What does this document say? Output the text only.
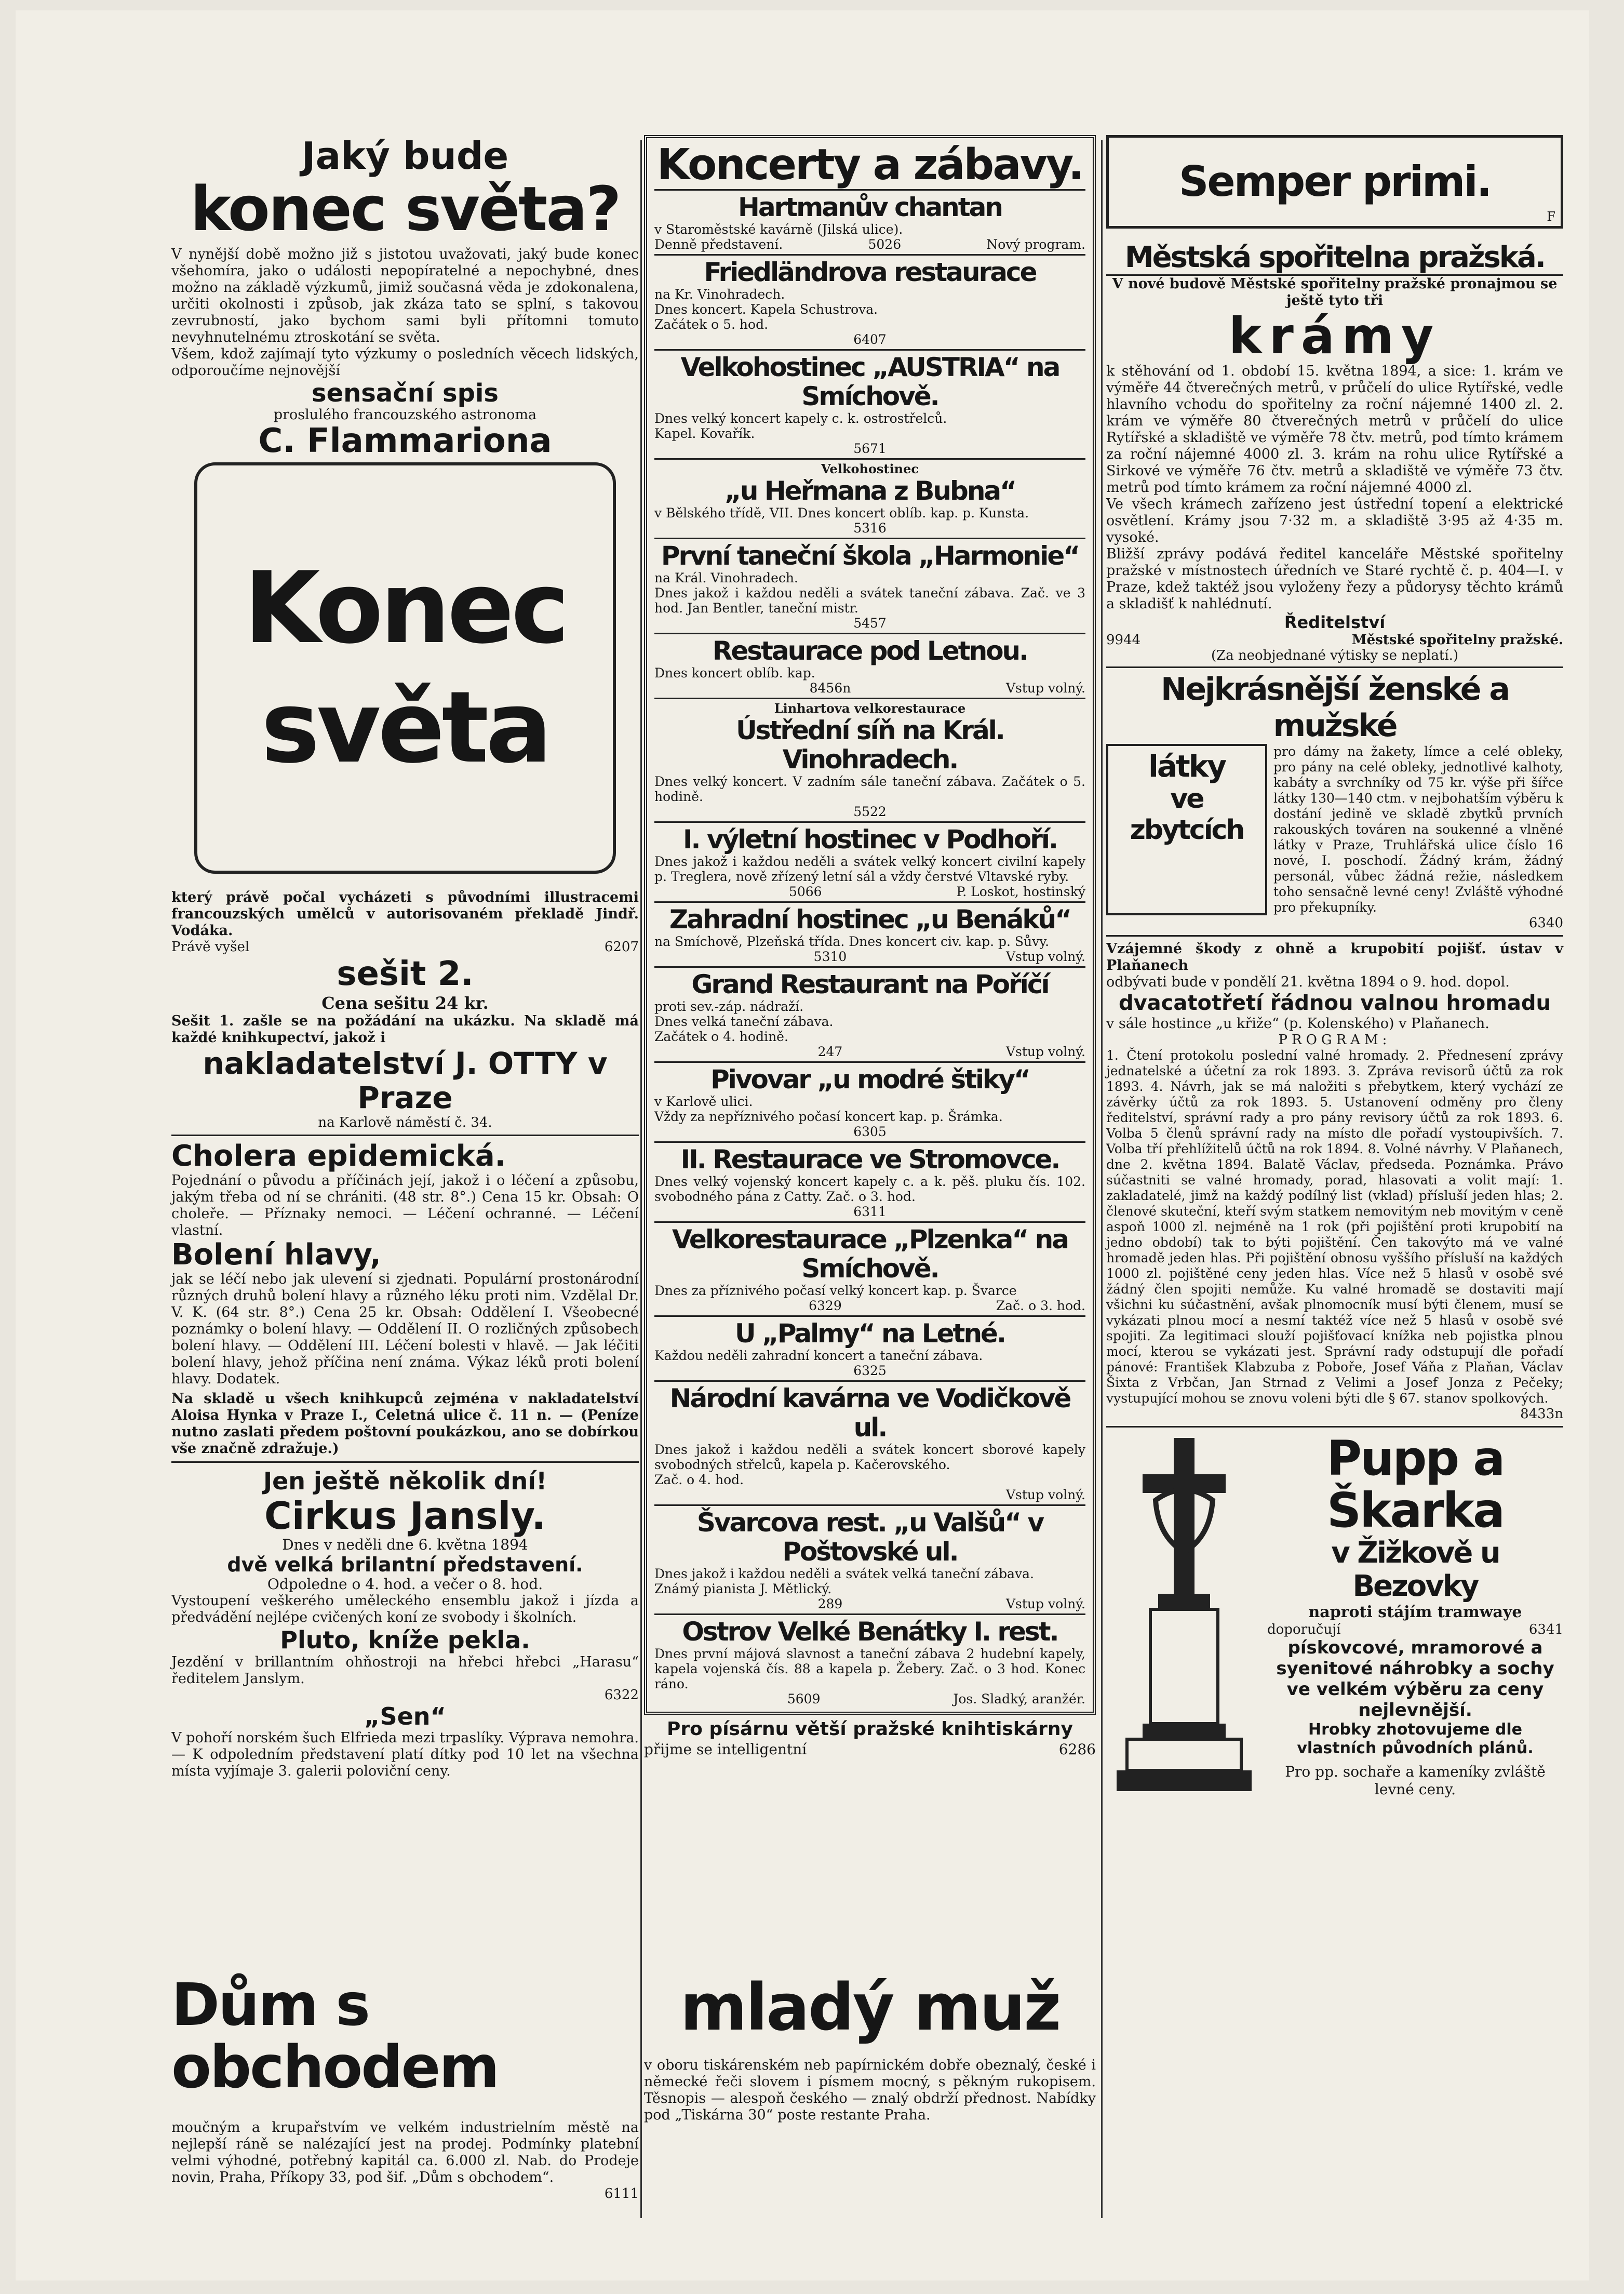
Jaký bude

konec světa?

V nynější době možno již s jistotou uvažovati, jaký bude konec všehomíra, jako o události nepopíratelné a nepochybné, dnes možno na základě výzkumů, jimiž současná věda je zdokonalena, určiti okolnosti i způsob, jak zkáza tato se splní, s takovou zevrubností, jako bychom sami byli přítomni tomuto nevyhnutelnému ztroskotání se světa.

Všem, kdož zajímají tyto výzkumy o posledních věcech lidských, odporoučíme nejnovější

sensační spis

proslulého francouzského astronoma

C. Flammariona

Konec

světa

který právě počal vycházeti s původními illustracemi francouzských umělců v autorisovaném překladě Jindř. Vodáka.

Právě vyšel	6207

sešit 2.

Cena sešitu 24 kr.

Sešit 1. zašle se na požádání na ukázku. Na skladě má každé knihkupectví, jakož i

nakladatelství J. OTTY v Praze

na Karlově náměstí č. 34.

Cholera epidemická.

Pojednání o původu a příčinách její, jakož i o léčení a způsobu, jakým třeba od ní se chrániti. (48 str. 8°.) Cena 15 kr. Obsah: O choleře. — Příznaky nemoci. — Léčení ochranné. — Léčení vlastní.

Bolení hlavy,

jak se léčí nebo jak ulevení si zjednati. Populární prostonárodní různých druhů bolení hlavy a různého léku proti nim. Vzdělal Dr. V. K. (64 str. 8°.) Cena 25 kr. Obsah: Oddělení I. Všeobecné poznámky o bolení hlavy. — Oddělení II. O rozličných způsobech bolení hlavy. — Oddělení III. Léčení bolesti v hlavě. — Jak léčiti bolení hlavy, jehož příčina není známa. Výkaz léků proti bolení hlavy. Dodatek.

Na skladě u všech knihkupců zejména v nakladatelství Aloisa Hynka v Praze I., Celetná ulice č. 11 n. — (Peníze nutno zaslati předem poštovní poukázkou, ano se dobírkou vše značně zdražuje.)

Jen ještě několik dní!

Cirkus Jansly.

Dnes v neděli dne 6. května 1894

dvě velká brilantní představení.

Odpoledne o 4. hod. a večer o 8. hod.

Vystoupení veškerého uměleckého ensemblu jakož i jízda a předvádění nejlépe cvičených koní ze svobody i školních.

Pluto, kníže pekla.

Jezdění v brillantním ohňostroji na hřebci hřebci „Harasu“ ředitelem Janslym.

6322

„Sen“

V pohoří norském šuch Elfrieda mezi trpaslíky. Výprava nemohra. — K odpoledním představení platí dítky pod 10 let na všechna místa vyjímaje 3. galerii poloviční ceny.

Koncerty a zábavy.

Hartmanův chantan

v Staroměstské kavárně (Jilská ulice).

Denně představení.	5026	Nový program.

Friedländrova restaurace

na Kr. Vinohradech.

Dnes koncert. Kapela Schustrova.

Začátek o 5. hod.

6407

Velkohostinec „AUSTRIA“ na Smíchově.

Dnes velký koncert kapely c. k. ostrostřelců.

Kapel. Kovařík.

5671

Velkohostinec

„u Heřmana z Bubna“

v Bělského třídě, VII. Dnes koncert oblíb. kap. p. Kunsta.

5316

První taneční škola „Harmonie“

na Král. Vinohradech.

Dnes jakož i každou neděli a svátek taneční zábava. Zač. ve 3 hod. Jan Bentler, taneční mistr.

5457

Restaurace pod Letnou.

Dnes koncert oblíb. kap.

8456n	Vstup volný.

Linhartova velkorestaurace

Ústřední síň na Král. Vinohradech.

Dnes velký koncert. V zadním sále taneční zábava. Začátek o 5. hodině.

5522

I. výletní hostinec v Podhoří.

Dnes jakož i každou neděli a svátek velký koncert civilní kapely p. Treglera, nově zřízený letní sál a vždy čerstvé Vltavské ryby.

5066	P. Loskot, hostinský

Zahradní hostinec „u Benáků“

na Smíchově, Plzeňská třída. Dnes koncert civ. kap. p. Sůvy.

5310	Vstup volný.

Grand Restaurant na Poříčí

proti sev.-záp. nádraží.

Dnes velká taneční zábava.

Začátek o 4. hodině.

247	Vstup volný.

Pivovar „u modré štiky“

v Karlově ulici.

Vždy za nepříznivého počasí koncert kap. p. Šrámka.

6305

II. Restaurace ve Stromovce.

Dnes velký vojenský koncert kapely c. a k. pěš. pluku čís. 102. svobodného pána z Catty. Zač. o 3. hod.

6311

Velkorestaurace „Plzenka“ na Smíchově.

Dnes za příznivého počasí velký koncert kap. p. Švarce

6329	Zač. o 3. hod.

U „Palmy“ na Letné.

Každou neděli zahradní koncert a taneční zábava.

6325

Národní kavárna ve Vodičkově ul.

Dnes jakož i každou neděli a svátek koncert sborové kapely svobodných střelců, kapela p. Kačerovského.

Zač. o 4. hod.

Vstup volný.

Švarcova rest. „u Valšů“ v Poštovské ul.

Dnes jakož i každou neděli a svátek velká taneční zábava.

Známý pianista J. Mětlický.

289	Vstup volný.

Ostrov Velké Benátky I. rest.

Dnes první májová slavnost a taneční zábava 2 hudební kapely, kapela vojenská čís. 88 a kapela p. Žebery. Zač. o 3 hod. Konec ráno.

5609	Jos. Sladký, aranžér.

Pro písárnu větší pražské knihtiskárny

přijme se intelligentní	6286

Semper primi.

F

Městská spořitelna pražská.

V nové budově Městské spořitelny pražské pronajmou se ještě tyto tři

krámy

k stěhování od 1. období 15. května 1894, a sice: 1. krám ve výměře 44 čtverečných metrů, v průčelí do ulice Rytířské, vedle hlavního vchodu do spořitelny za roční nájemné 1400 zl. 2. krám ve výměře 80 čtverečných metrů v průčelí do ulice Rytířské a skladiště ve výměře 78 čtv. metrů, pod tímto krámem za roční nájemné 4000 zl. 3. krám na rohu ulice Rytířské a Sirkové ve výměře 76 čtv. metrů a skladiště ve výměře 73 čtv. metrů pod tímto krámem za roční nájemné 4000 zl.

Ve všech krámech zařízeno jest ústřední topení a elektrické osvětlení. Krámy jsou 7·32 m. a skladiště 3·95 až 4·35 m. vysoké.

Bližší zprávy podává ředitel kanceláře Městské spořitelny pražské v místnostech úředních ve Staré rychtě č. p. 404—I. v Praze, kdež taktéž jsou vyloženy řezy a půdorysy těchto krámů a skladišť k nahlédnutí.

Ředitelství

9944	Městské spořitelny pražské.

(Za neobjednané výtisky se neplatí.)

Nejkrásnější ženské a mužské

látky

ve zbytcích

pro dámy na žakety, límce a celé obleky, pro pány na celé obleky, jednotlivé kalhoty, kabáty a svrchníky od 75 kr. výše při šířce látky 130—140 ctm. v nejbohatším výběru k dostání jedině ve skladě zbytků prvních rakouských továren na soukenné a vlněné látky v Praze, Truhlářská ulice číslo 16 nové, I. poschodí. Žádný krám, žádný personál, vůbec žádná režie, následkem toho sensačně levné ceny! Zvláště výhodné pro překupníky.

6340

Vzájemné škody z ohně a krupobití pojišť. ústav v Plaňanech

odbývati bude v pondělí 21. května 1894 o 9. hod. dopol.

dvacatotřetí řádnou valnou hromadu

v sále hostince „u křiže“ (p. Kolenského) v Plaňanech.

PROGRAM:

1. Čtení protokolu poslední valné hromady. 2. Přednesení zprávy jednatelské a účetní za rok 1893. 3. Zpráva revisorů účtů za rok 1893. 4. Návrh, jak se má naložiti s přebytkem, který vychází ze závěrky účtů za rok 1893. 5. Ustanovení odměny pro členy ředitelství, správní rady a pro pány revisory účtů za rok 1893. 6. Volba 5 členů správní rady na místo dle pořadí vystoupivších. 7. Volba tří přehlížitelů účtů na rok 1894. 8. Volné návrhy. V Plaňanech, dne 2. května 1894. Balatě Václav, předseda. Poznámka. Právo súčastniti se valné hromady, porad, hlasovati a volit mají: 1. zakladatelé, jimž na každý podílný list (vklad) přísluší jeden hlas; 2. členové skuteční, kteří svým statkem nemovitým neb movitým v ceně aspoň 1000 zl. nejméně na 1 rok (při pojištění proti krupobití na jedno období) tak to býti pojištění. Čen takovýto má ve valné hromadě jeden hlas. Při pojištění obnosu vyššího přísluší na každých 1000 zl. pojištěné ceny jeden hlas. Více než 5 hlasů v osobě své žádný člen spojiti nemůže. Ku valné hromadě se dostaviti mají všichni ku súčastnění, avšak plnomocník musí býti členem, musí se vykázati plnou mocí a nesmí taktéž více než 5 hlasů v osobě své spojiti. Za legitimaci slouží pojišťovací knížka neb pojistka plnou mocí, kterou se vykázati jest. Správní rady odstupují dle pořadí pánové: František Klabzuba z Poboře, Josef Váňa z Plaňan, Václav Šixta z Vrbčan, Jan Strnad z Velimi a Josef Jonza z Pečeky; vystupující mohou se znovu voleni býti dle § 67. stanov spolkových.

8433n

Pupp a Škarka

v Žižkově u Bezovky

naproti stájím tramwaye

doporučují	6341

pískovcové, mramorové a syenitové náhrobky a sochy ve velkém výběru za ceny nejlevnější.

Hrobky zhotovujeme dle vlastních původních plánů.

Pro pp. sochaře a kameníky zvláště levné ceny.

Dům s obchodem

moučným a krupařstvím ve velkém industrielním městě na nejlepší ráně se nalézající jest na prodej. Podmínky platební velmi výhodné, potřebný kapitál ca. 6.000 zl. Nab. do Prodeje novin, Praha, Příkopy 33, pod šif. „Dům s obchodem“.

6111

mladý muž

v oboru tiskárenském neb papírnickém dobře obeznalý, české i německé řeči slovem i písmem mocný, s pěkným rukopisem. Těsnopis — alespoň českého — znalý obdrží přednost. Nabídky pod „Tiskárna 30“ poste restante Praha.
